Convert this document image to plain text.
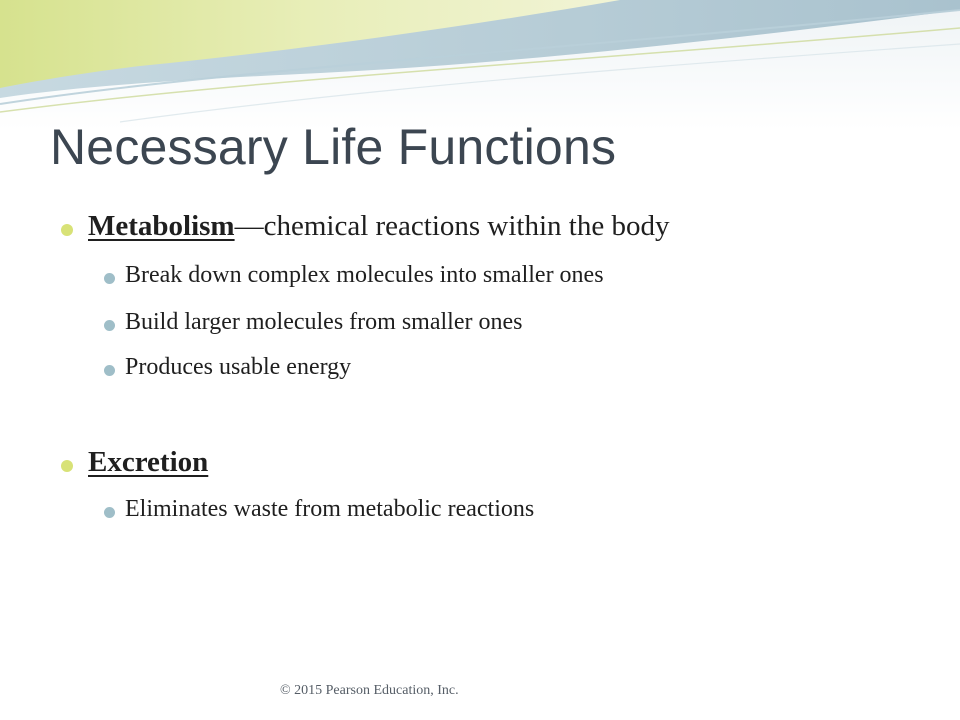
Necessary Life Functions
Metabolism—chemical reactions within the body
Break down complex molecules into smaller ones
Build larger molecules from smaller ones
Produces usable energy
Excretion
Eliminates waste from metabolic reactions
© 2015 Pearson Education, Inc.
